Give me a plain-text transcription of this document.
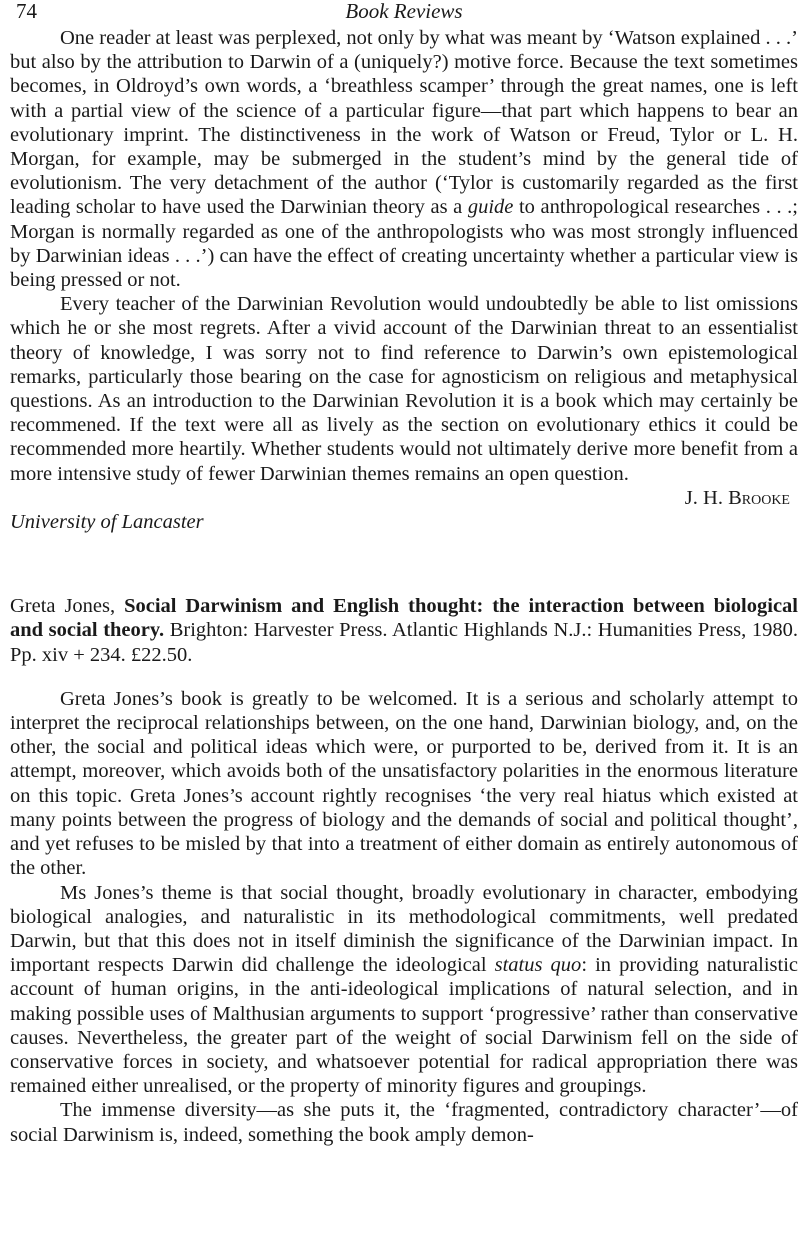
74	Book Reviews

One reader at least was perplexed, not only by what was meant by ‘Watson explained . . .’ but also by the attribution to Darwin of a (uniquely?) motive force. Because the text sometimes becomes, in Oldroyd’s own words, a ‘breathless scamper’ through the great names, one is left with a partial view of the science of a particular figure—that part which happens to bear an evolutionary imprint. The distinctiveness in the work of Watson or Freud, Tylor or L. H. Morgan, for example, may be submerged in the student’s mind by the general tide of evolutionism. The very detachment of the author (‘Tylor is customarily regarded as the first leading scholar to have used the Darwinian theory as a guide to anthropological researches . . .; Morgan is normally regarded as one of the anthropologists who was most strongly influenced by Darwinian ideas . . .’) can have the effect of creating uncertainty whether a particular view is being pressed or not.

Every teacher of the Darwinian Revolution would undoubtedly be able to list omissions which he or she most regrets. After a vivid account of the Darwinian threat to an essentialist theory of knowledge, I was sorry not to find reference to Darwin’s own epistemological remarks, particularly those bearing on the case for agnosticism on religious and metaphysical questions. As an introduction to the Darwinian Revolution it is a book which may certainly be recommened. If the text were all as lively as the section on evolutionary ethics it could be recommended more heartily. Whether students would not ultimately derive more benefit from a more intensive study of fewer Darwinian themes remains an open question.

J. H. Brooke

University of Lancaster

Greta Jones, Social Darwinism and English thought: the interaction between biological and social theory. Brighton: Harvester Press. Atlantic Highlands N.J.: Humanities Press, 1980. Pp. xiv + 234. £22.50.

Greta Jones’s book is greatly to be welcomed. It is a serious and scholarly attempt to interpret the reciprocal relationships between, on the one hand, Darwinian biology, and, on the other, the social and political ideas which were, or purported to be, derived from it. It is an attempt, moreover, which avoids both of the unsatisfactory polarities in the enormous literature on this topic. Greta Jones’s account rightly recognises ‘the very real hiatus which existed at many points between the progress of biology and the demands of social and political thought’, and yet refuses to be misled by that into a treatment of either domain as entirely autonomous of the other.

Ms Jones’s theme is that social thought, broadly evolutionary in character, embodying biological analogies, and naturalistic in its methodological commitments, well predated Darwin, but that this does not in itself diminish the significance of the Darwinian impact. In important respects Darwin did challenge the ideological status quo: in providing naturalistic account of human origins, in the anti-ideological implications of natural selection, and in making possible uses of Malthusian arguments to support ‘progressive’ rather than conservative causes. Nevertheless, the greater part of the weight of social Darwinism fell on the side of conservative forces in society, and whatsoever potential for radical appropriation there was remained either unrealised, or the property of minority figures and groupings.

The immense diversity—as she puts it, the ‘fragmented, contradictory character’—of social Darwinism is, indeed, something the book amply demon-
